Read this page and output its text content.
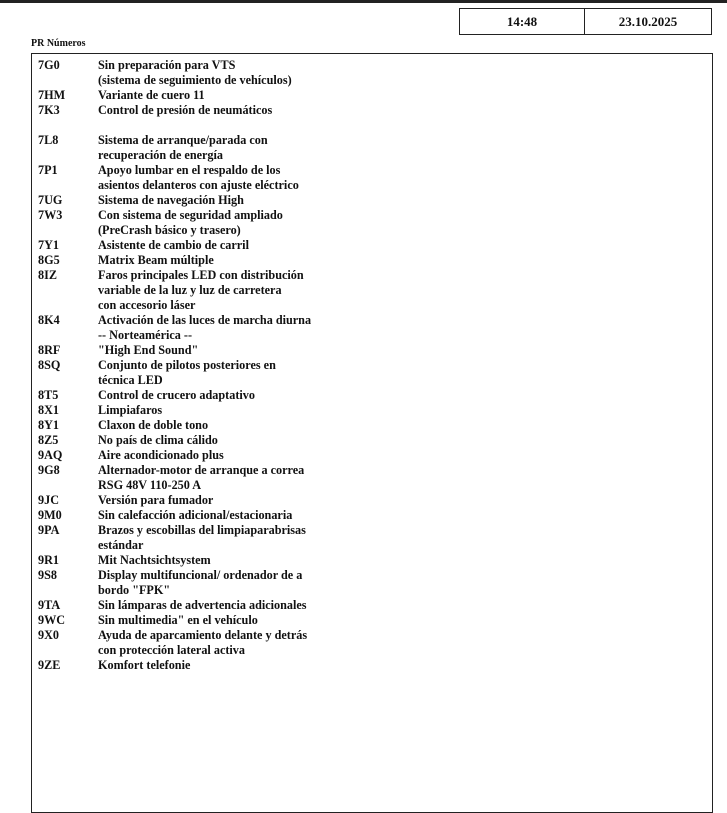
14:48	23.10.2025
PR Números
7G0	Sin preparación para VTS
(sistema de seguimiento de vehículos)
7HM	Variante de cuero 11
7K3	Control de presión de neumáticos
7L8	Sistema de arranque/parada con
recuperación de energía
7P1	Apoyo lumbar en el respaldo de los
asientos delanteros con ajuste eléctrico
7UG	Sistema de navegación High
7W3	Con sistema de seguridad ampliado
(PreCrash básico y trasero)
7Y1	Asistente de cambio de carril
8G5	Matrix Beam múltiple
8IZ	Faros principales LED con distribución
variable de la luz y luz de carretera
con accesorio láser
8K4	Activación de las luces de marcha diurna
-- Norteamérica --
8RF	"High End Sound"
8SQ	Conjunto de pilotos posteriores en
técnica LED
8T5	Control de crucero adaptativo
8X1	Limpiafaros
8Y1	Claxon de doble tono
8Z5	No país de clima cálido
9AQ	Aire acondicionado plus
9G8	Alternador-motor de arranque a correa
RSG 48V 110-250 A
9JC	Versión para fumador
9M0	Sin calefacción adicional/estacionaria
9PA	Brazos y escobillas del limpiaparabrisas
estándar
9R1	Mit Nachtsichtsystem
9S8	Display multifuncional/ ordenador de a
bordo "FPK"
9TA	Sin lámparas de advertencia adicionales
9WC	Sin multimedia" en el vehículo
9X0	Ayuda de aparcamiento delante y detrás
con protección lateral activa
9ZE	Komfort telefonie
